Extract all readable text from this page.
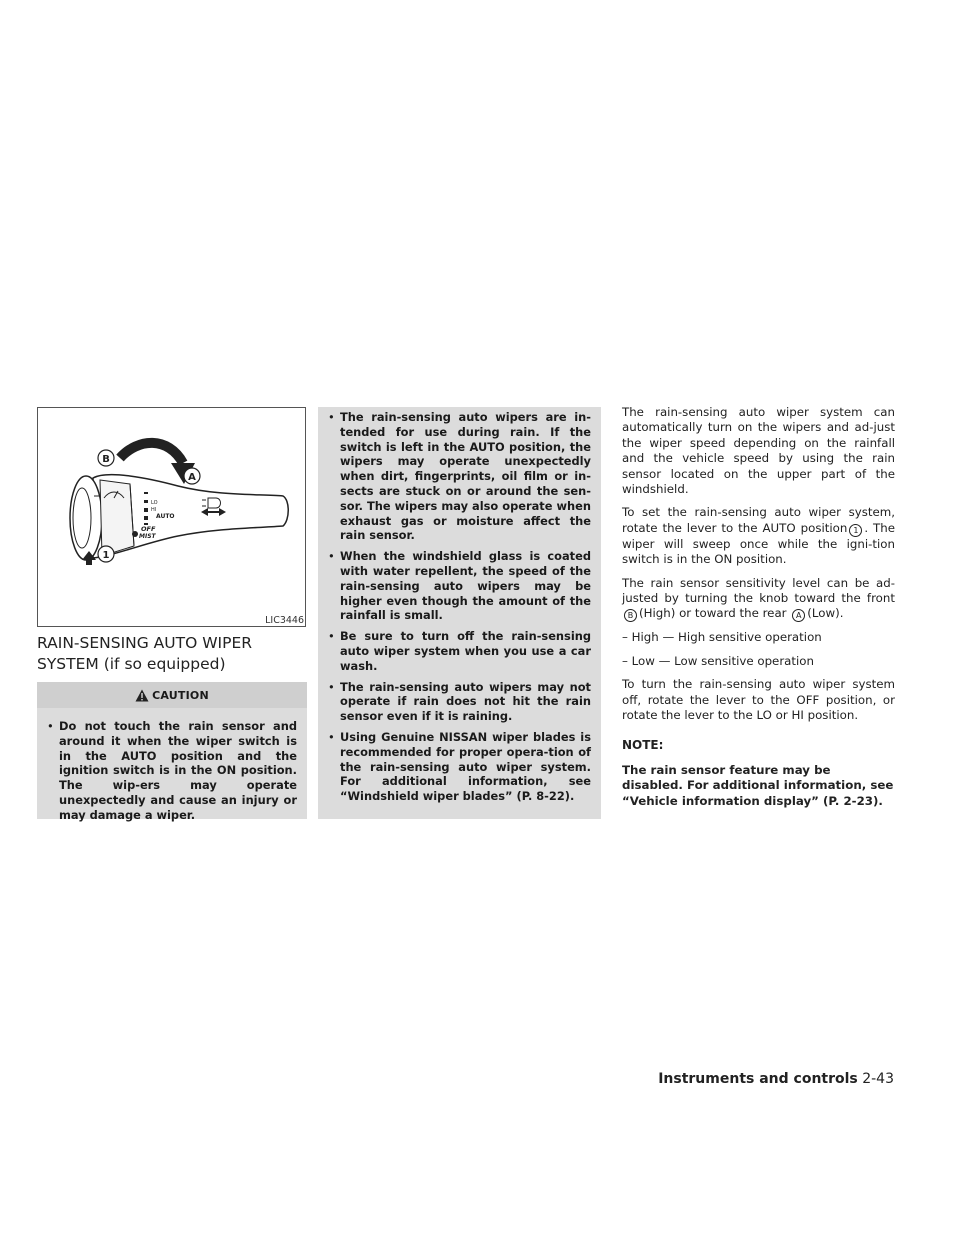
B
A
1
HI
LO
AUTO
OFF
MIST
LIC3446
RAIN-SENSING AUTO WIPER
SYSTEM (if so equipped)
CAUTION
• Do not touch the rain sensor and around it when the wiper switch is in the AUTO position and the ignition switch is in the ON position. The wip-ers may operate unexpectedly and cause an injury or may damage a wiper.
• The rain-sensing auto wipers are in-tended for use during rain. If the switch is left in the AUTO position, the wipers may operate unexpectedly when dirt, fingerprints, oil film or in-sects are stuck on or around the sen-sor. The wipers may also operate when exhaust gas or moisture affect the rain sensor.
• When the windshield glass is coated with water repellent, the speed of the rain-sensing auto wipers may be higher even though the amount of the rainfall is small.
• Be sure to turn off the rain-sensing auto wiper system when you use a car wash.
• The rain-sensing auto wipers may not operate if rain does not hit the rain sensor even if it is raining.
• Using Genuine NISSAN wiper blades is recommended for proper opera-tion of the rain-sensing auto wiper system. For additional information, see “Windshield wiper blades” (P. 8-22).

The rain-sensing auto wiper system can automatically turn on the wipers and ad-just the wiper speed depending on the rainfall and the vehicle speed by using the rain sensor located on the upper part of the windshield.

To set the rain-sensing auto wiper system, rotate the lever to the AUTO position 1 . The wiper will sweep once while the igni-tion switch is in the ON position.

The rain sensor sensitivity level can be ad-justed by turning the knob toward the front B (High) or toward the rear A (Low).

– High — High sensitive operation

– Low — Low sensitive operation

To turn the rain-sensing auto wiper system off, rotate the lever to the OFF position, or rotate the lever to the LO or HI position.

NOTE:
The rain sensor feature may be disabled. For additional information, see “Vehicle information display” (P. 2-23).
Instruments and controls 2-43
